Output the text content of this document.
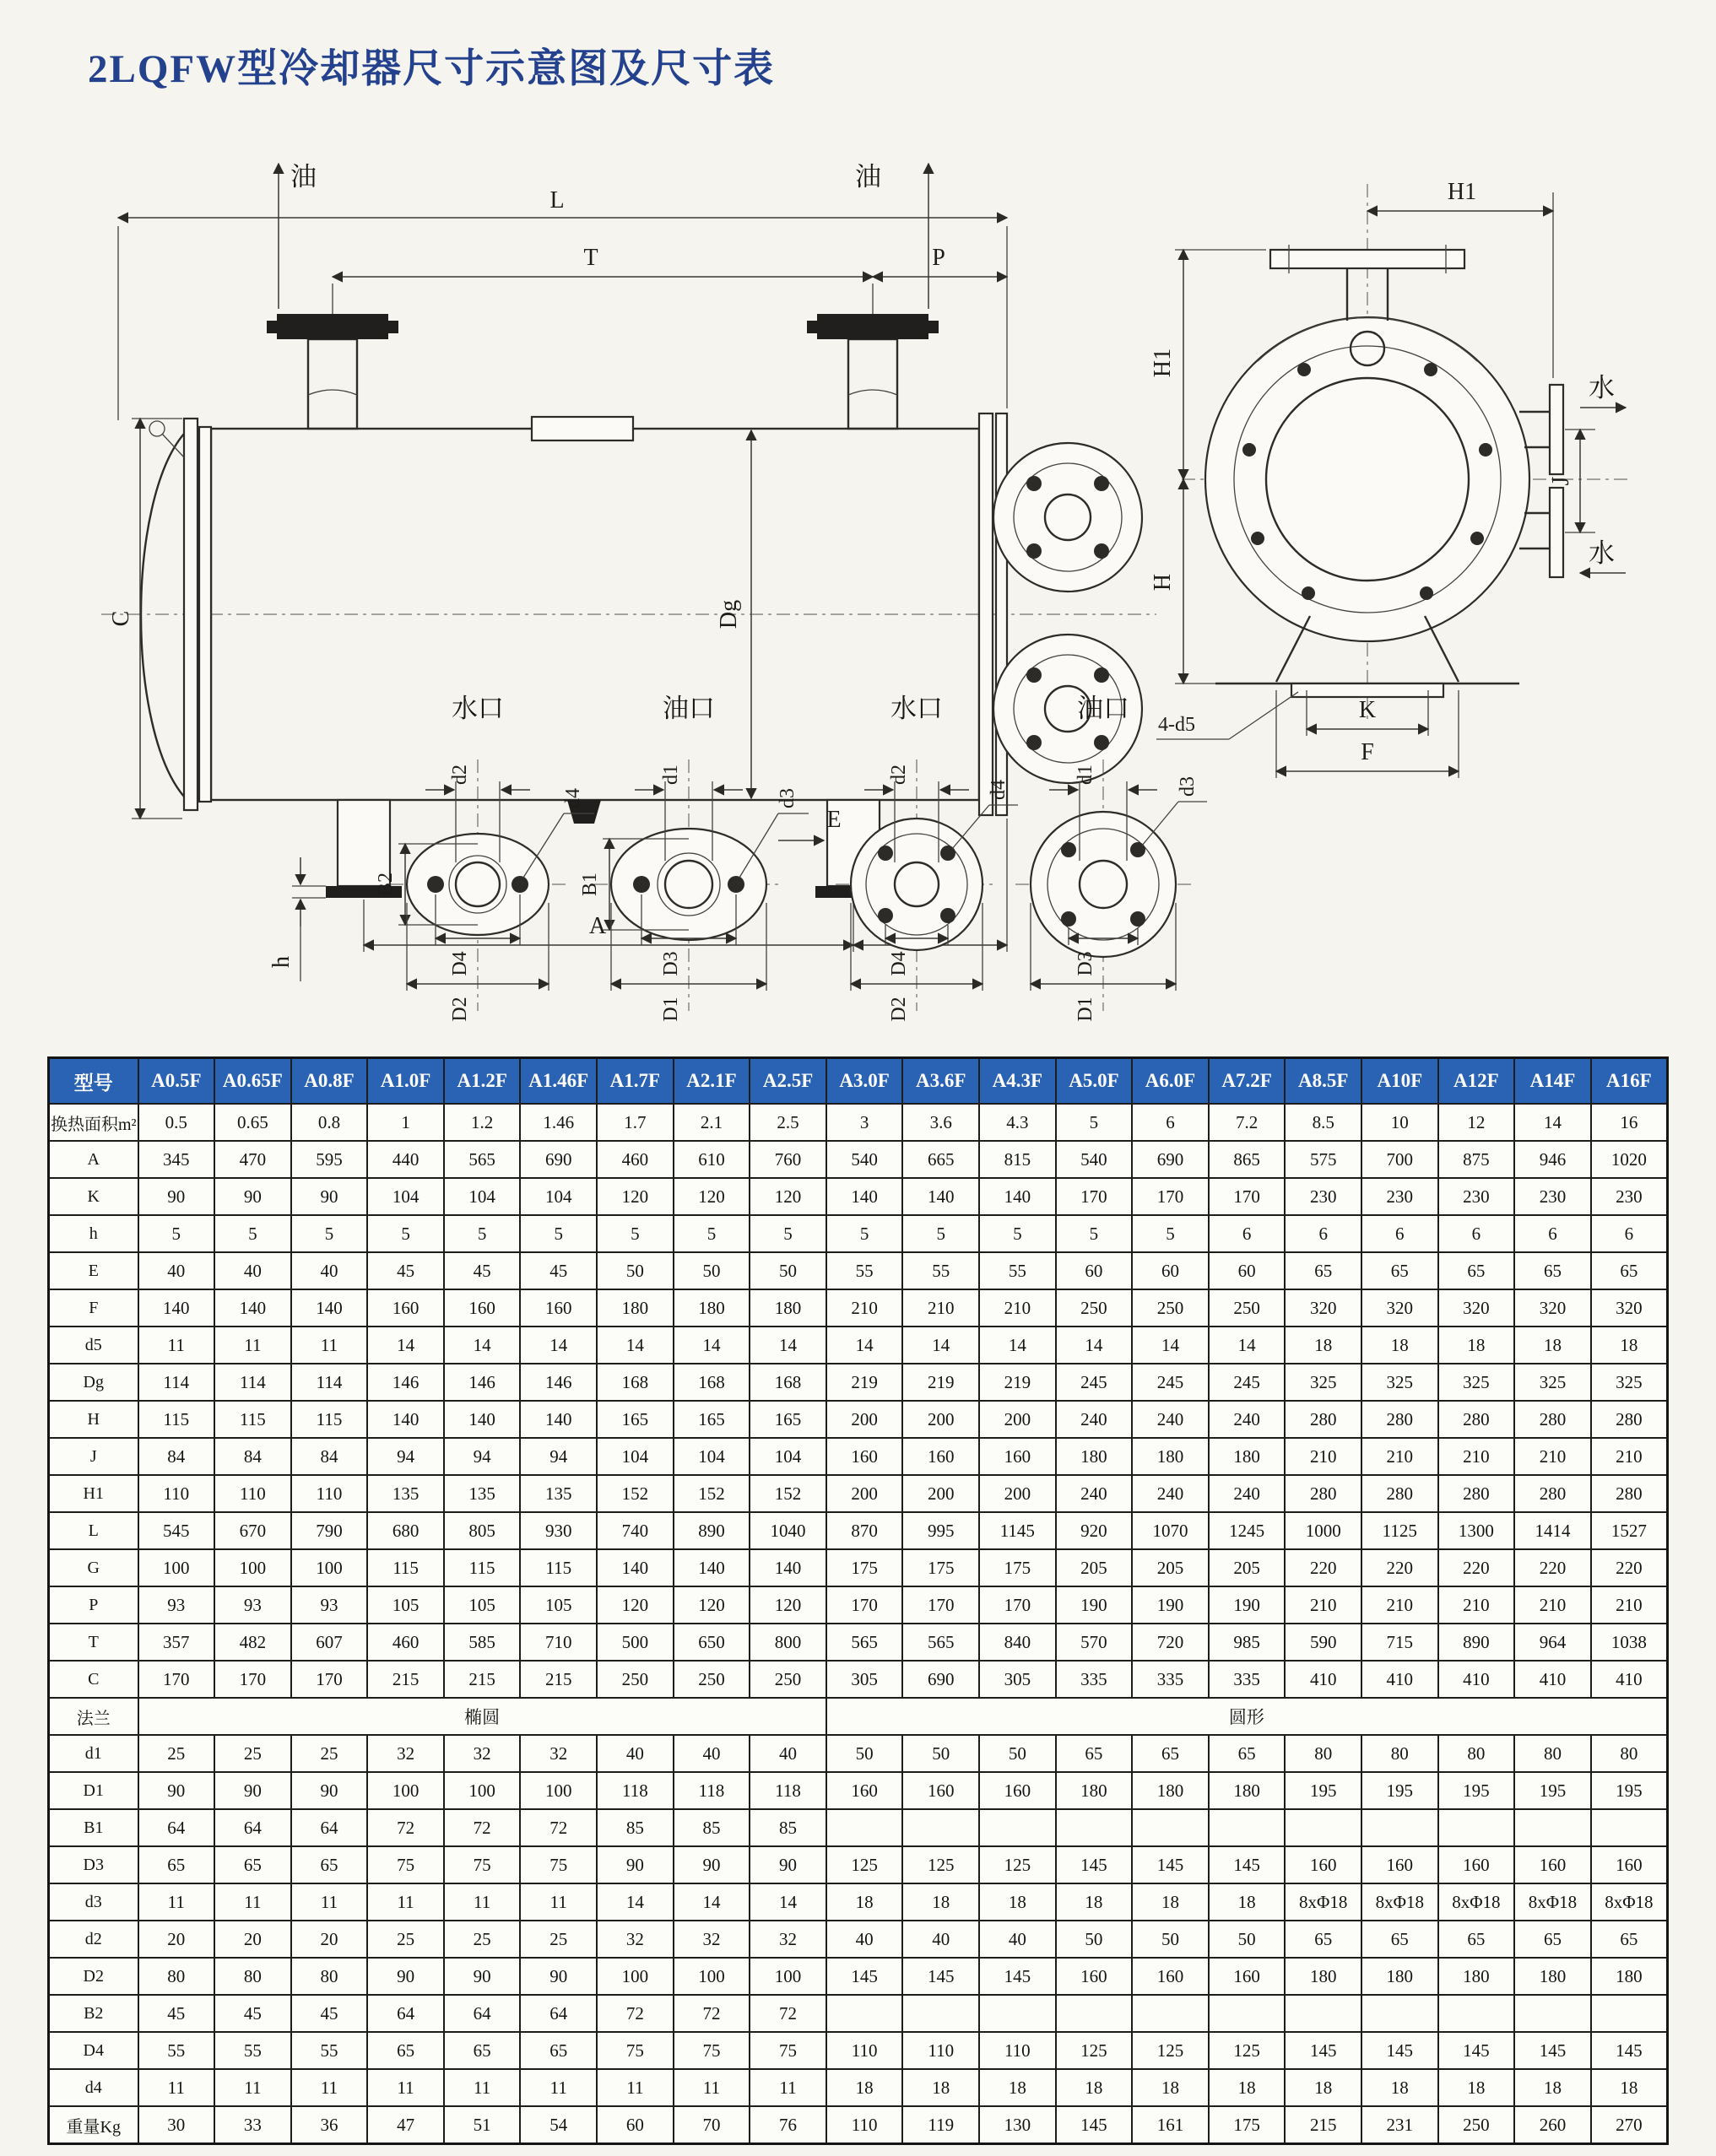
2LQFW型冷却器尺寸示意图及尺寸表
油	油
L
T	P
C	Dg
E
A
h
H1
H1
H
J
水
水
K
F
4-d5
水口
d2
d4
B2
D4
D2
油口
d1
d3
B1
D3
D1
水口
d2
d4
D4
D2
油口
d1
d3
D3
D1
型号	A0.5F	A0.65F	A0.8F	A1.0F	A1.2F	A1.46F	A1.7F	A2.1F	A2.5F	A3.0F	A3.6F	A4.3F	A5.0F	A6.0F	A7.2F	A8.5F	A10F	A12F	A14F	A16F
换热面积m²	0.5	0.65	0.8	1	1.2	1.46	1.7	2.1	2.5	3	3.6	4.3	5	6	7.2	8.5	10	12	14	16
A	345	470	595	440	565	690	460	610	760	540	665	815	540	690	865	575	700	875	946	1020
K	90	90	90	104	104	104	120	120	120	140	140	140	170	170	170	230	230	230	230	230
h	5	5	5	5	5	5	5	5	5	5	5	5	5	5	6	6	6	6	6	6
E	40	40	40	45	45	45	50	50	50	55	55	55	60	60	60	65	65	65	65	65
F	140	140	140	160	160	160	180	180	180	210	210	210	250	250	250	320	320	320	320	320
d5	11	11	11	14	14	14	14	14	14	14	14	14	14	14	14	18	18	18	18	18
Dg	114	114	114	146	146	146	168	168	168	219	219	219	245	245	245	325	325	325	325	325
H	115	115	115	140	140	140	165	165	165	200	200	200	240	240	240	280	280	280	280	280
J	84	84	84	94	94	94	104	104	104	160	160	160	180	180	180	210	210	210	210	210
H1	110	110	110	135	135	135	152	152	152	200	200	200	240	240	240	280	280	280	280	280
L	545	670	790	680	805	930	740	890	1040	870	995	1145	920	1070	1245	1000	1125	1300	1414	1527
G	100	100	100	115	115	115	140	140	140	175	175	175	205	205	205	220	220	220	220	220
P	93	93	93	105	105	105	120	120	120	170	170	170	190	190	190	210	210	210	210	210
T	357	482	607	460	585	710	500	650	800	565	565	840	570	720	985	590	715	890	964	1038
C	170	170	170	215	215	215	250	250	250	305	690	305	335	335	335	410	410	410	410	410
法兰	椭圆									圆形										
d1	25	25	25	32	32	32	40	40	40	50	50	50	65	65	65	80	80	80	80	80
D1	90	90	90	100	100	100	118	118	118	160	160	160	180	180	180	195	195	195	195	195
B1	64	64	64	72	72	72	85	85	85											
D3	65	65	65	75	75	75	90	90	90	125	125	125	145	145	145	160	160	160	160	160
d3	11	11	11	11	11	11	14	14	14	18	18	18	18	18	18	8xΦ18	8xΦ18	8xΦ18	8xΦ18	8xΦ18
d2	20	20	20	25	25	25	32	32	32	40	40	40	50	50	50	65	65	65	65	65
D2	80	80	80	90	90	90	100	100	100	145	145	145	160	160	160	180	180	180	180	180
B2	45	45	45	64	64	64	72	72	72											
D4	55	55	55	65	65	65	75	75	75	110	110	110	125	125	125	145	145	145	145	145
d4	11	11	11	11	11	11	11	11	11	18	18	18	18	18	18	18	18	18	18	18
重量Kg	30	33	36	47	51	54	60	70	76	110	119	130	145	161	175	215	231	250	260	270
